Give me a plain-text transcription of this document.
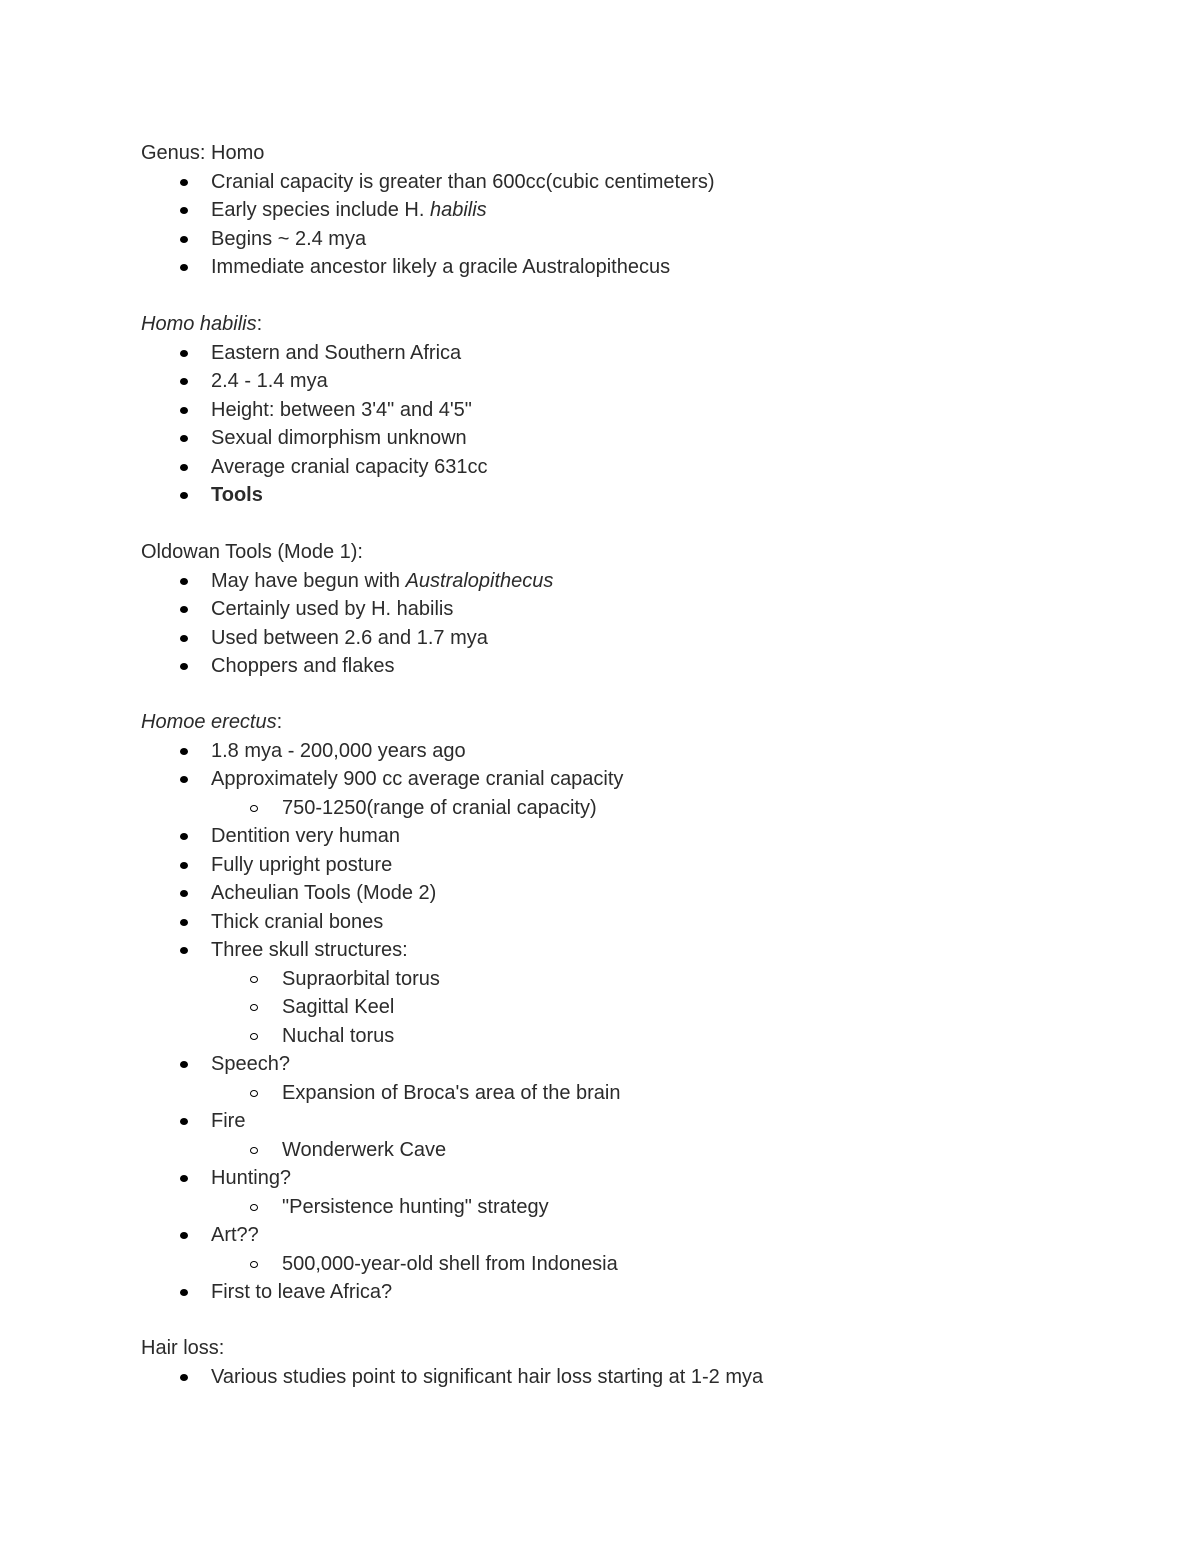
Genus: Homo
Cranial capacity is greater than 600cc(cubic centimeters)
Early species include H. habilis
Begins ~ 2.4 mya
Immediate ancestor likely a gracile Australopithecus
Homo habilis:
Eastern and Southern Africa
2.4 - 1.4 mya
Height: between 3'4" and 4'5"
Sexual dimorphism unknown
Average cranial capacity 631cc
Tools
Oldowan Tools (Mode 1):
May have begun with Australopithecus
Certainly used by H. habilis
Used between 2.6 and 1.7 mya
Choppers and flakes
Homoe erectus:
1.8 mya - 200,000 years ago
Approximately 900 cc average cranial capacity
750-1250(range of cranial capacity)
Dentition very human
Fully upright posture
Acheulian Tools (Mode 2)
Thick cranial bones
Three skull structures:
Supraorbital torus
Sagittal Keel
Nuchal torus
Speech?
Expansion of Broca's area of the brain
Fire
Wonderwerk Cave
Hunting?
"Persistence hunting" strategy
Art??
500,000-year-old shell from Indonesia
First to leave Africa?
Hair loss:
Various studies point to significant hair loss starting at 1-2 mya
